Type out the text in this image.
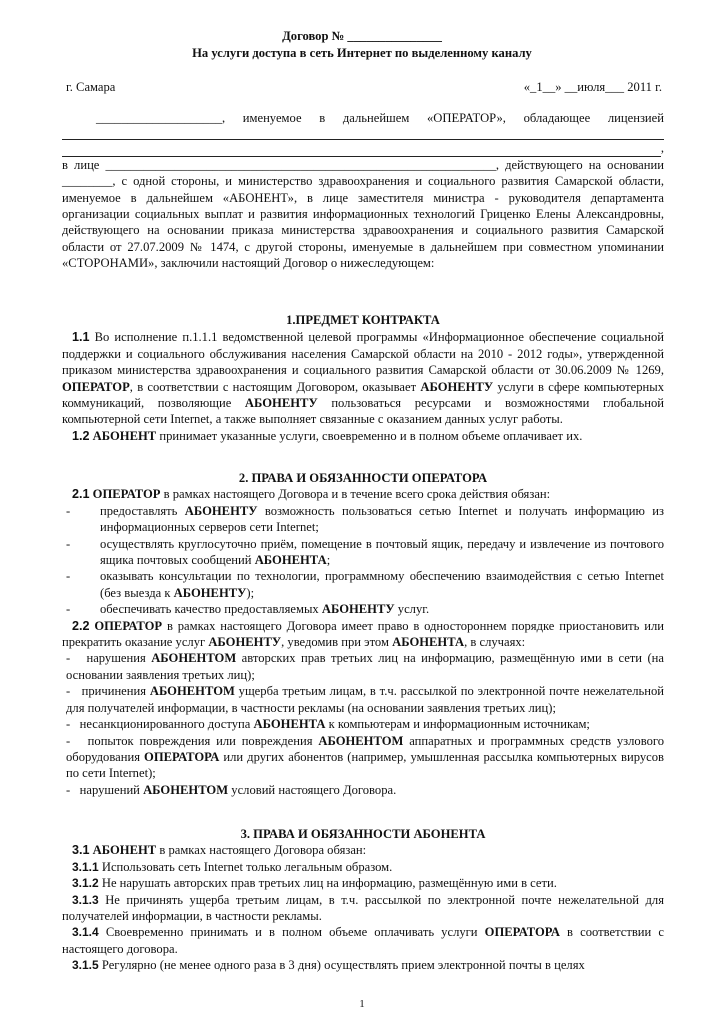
Договор № _______________
На услуги доступа в сеть Интернет по выделенному каналу
г. Самара	«_1__» __июля___ 2011 г.
____________________, именуемое в дальнейшем «ОПЕРАТОР», обладающее лицензией
,
в лице ______________________________________________________________, действующего на основании
________, с одной стороны, и министерство здравоохранения и социального развития Самарской области, именуемое в дальнейшем «АБОНЕНТ», в лице заместителя министра - руководителя департамента организации социальных выплат и развития информационных технологий Гриценко Елены Александровны, действующего на основании приказа министерства здравоохранения и социального развития Самарской области от 27.07.2009 № 1474, с другой стороны, именуемые в дальнейшем при совместном упоминании «СТОРОНАМИ», заключили настоящий Договор о нижеследующем:
1.ПРЕДМЕТ КОНТРАКТА
1.1 Во исполнение п.1.1.1 ведомственной целевой программы «Информационное обеспечение социальной поддержки и социального обслуживания населения Самарской области на 2010 - 2012 годы», утвержденной приказом министерства здравоохранения и социального развития Самарской области от 30.06.2009 № 1269, ОПЕРАТОР, в соответствии с настоящим Договором, оказывает АБОНЕНТУ услуги в сфере компьютерных коммуникаций, позволяющие АБОНЕНТУ пользоваться ресурсами и возможностями глобальной компьютерной сети Internet, а также выполняет связанные с оказанием данных услуг работы.
1.2 АБОНЕНТ принимает указанные услуги, своевременно и в полном объеме оплачивает их.
2. ПРАВА И ОБЯЗАННОСТИ ОПЕРАТОРА
2.1 ОПЕРАТОР в рамках настоящего Договора и в течение всего срока действия обязан:
-	предоставлять АБОНЕНТУ возможность пользоваться сетью Internet и получать информацию из информационных серверов сети Internet;
-	осуществлять круглосуточно приём, помещение в почтовый ящик, передачу и извлечение из почтового ящика почтовых сообщений АБОНЕНТА;
-	оказывать консультации по технологии, программному обеспечению взаимодействия с сетью Internet (без выезда к АБОНЕНТУ);
-	обеспечивать качество предоставляемых АБОНЕНТУ услуг.
2.2 ОПЕРАТОР в рамках настоящего Договора имеет право в одностороннем порядке приостановить или прекратить оказание услуг АБОНЕНТУ, уведомив при этом АБОНЕНТА, в случаях:
- нарушения АБОНЕНТОМ авторских прав третьих лиц на информацию, размещённую ими в сети (на основании заявления третьих лиц);
- причинения АБОНЕНТОМ ущерба третьим лицам, в т.ч. рассылкой по электронной почте нежелательной для получателей информации, в частности рекламы (на основании заявления третьих лиц);
- несанкционированного доступа АБОНЕНТА к компьютерам и информационным источникам;
- попыток повреждения или повреждения АБОНЕНТОМ аппаратных и программных средств узлового оборудования ОПЕРАТОРА или других абонентов (например, умышленная рассылка компьютерных вирусов по сети Internet);
- нарушений АБОНЕНТОМ условий настоящего Договора.
3. ПРАВА И ОБЯЗАННОСТИ АБОНЕНТА
3.1 АБОНЕНТ в рамках настоящего Договора обязан:
3.1.1 Использовать сеть Internet только легальным образом.
3.1.2 Не нарушать авторских прав третьих лиц на информацию, размещённую ими в сети.
3.1.3 Не причинять ущерба третьим лицам, в т.ч. рассылкой по электронной почте нежелательной для получателей информации, в частности рекламы.
3.1.4 Своевременно принимать и в полном объеме оплачивать услуги ОПЕРАТОРА в соответствии с настоящего договора.
3.1.5 Регулярно (не менее одного раза в 3 дня) осуществлять прием электронной почты в целях
1
